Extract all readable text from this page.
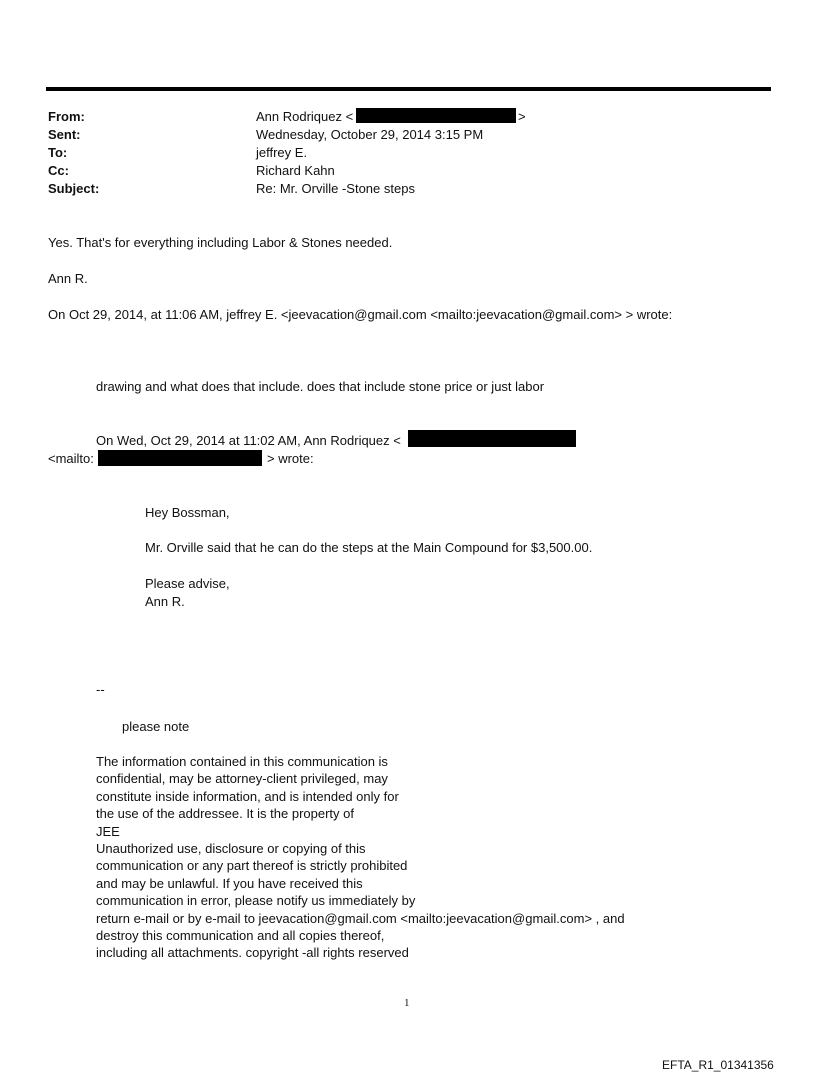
From:	Ann Rodriquez <	>
Sent:	Wednesday, October 29, 2014 3:15 PM
To:	jeffrey E.
Cc:	Richard Kahn
Subject:	Re: Mr. Orville -Stone steps
Yes. That's for everything including Labor & Stones needed.
Ann R.
On Oct 29, 2014, at 11:06 AM, jeffrey E. <jeevacation@gmail.com <mailto:jeevacation@gmail.com> > wrote:
drawing and what does that include. does that include stone price or just labor
On Wed, Oct 29, 2014 at 11:02 AM, Ann Rodriquez <
<mailto:	> wrote:
Hey Bossman,
Mr. Orville said that he can do the steps at the Main Compound for $3,500.00.
Please advise,
Ann R.
--
please note
The information contained in this communication is
confidential, may be attorney-client privileged, may
constitute inside information, and is intended only for
the use of the addressee. It is the property of
JEE
Unauthorized use, disclosure or copying of this
communication or any part thereof is strictly prohibited
and may be unlawful. If you have received this
communication in error, please notify us immediately by
return e-mail or by e-mail to jeevacation@gmail.com <mailto:jeevacation@gmail.com> , and
destroy this communication and all copies thereof,
including all attachments. copyright -all rights reserved
1
EFTA_R1_01341356
